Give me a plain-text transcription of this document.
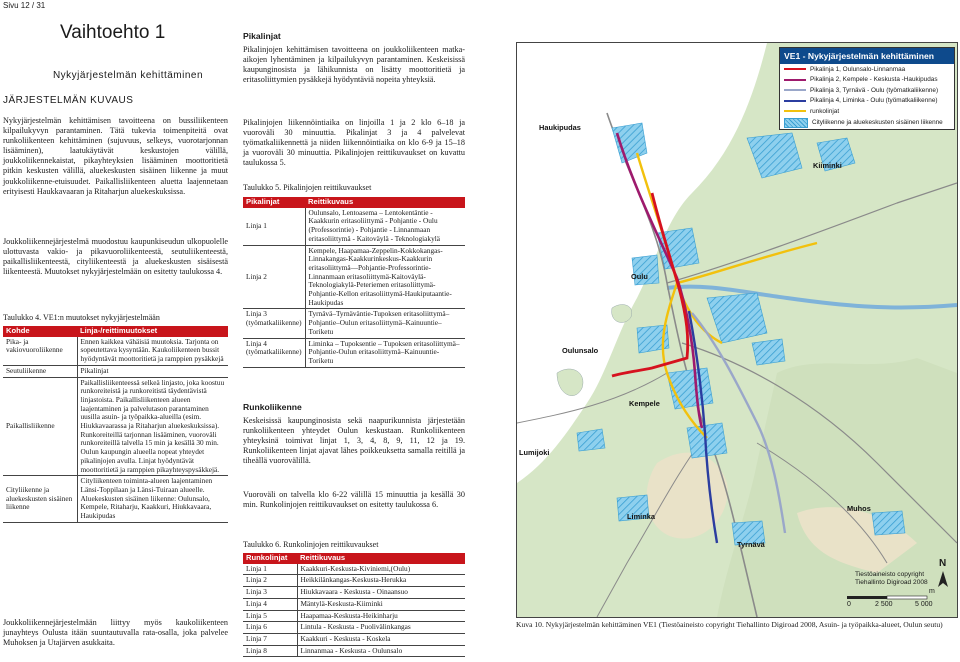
Sivu 12 / 31
Vaihtoehto 1
Nykyjärjestelmän kehittäminen
JÄRJESTELMÄN KUVAUS
Nykyjärjestelmän kehittämisen tavoitteena on bussiliikenteen kilpailukyvyn parantaminen. Tätä tukevia toimenpiteitä ovat runkoliikenteen kehittäminen (sujuvuus, selkeys, vuorotarjonnan lisääminen), laatukäytävät keskustojen välillä, joukkoliikennekaistat, pikayhteyksien lisääminen moottoritietä pitkin keskusten välillä, aluekeskusten sisäinen liikenne ja muut joukkoliikenne-etuisuudet. Paikallisliikenteen aluetta laajennetaan erityisesti Haukkavaaran ja Ritaharjun aluekeskuksissa.
Joukkoliikennejärjestelmä muodostuu kaupunkiseudun ulkopuolelle ulottuvasta vakio- ja pikavuoroliikenteestä, seutuliikenteestä, paikallisliikenteestä, cityliikenteestä ja aluekeskusten sisäisestä liikenteestä. Muutokset nykyjärjestelmään on esitetty taulukossa 4.
Taulukko 4. VE1:n muutokset nykyjärjestelmään
Kohde	Linja-/reittimuutokset
Pika- ja vakiovuoroliikenne	Ennen kaikkea vähäisiä muutoksia. Tarjonta on sopeutettava kysyntään. Kaukoliikenteen bussit hyödyntävät moottoritietä ja ramppien pysäkkejä
Seutuliikenne	Pikalinjat
Paikallisliikenne	Paikallisliikenteessä selkeä linjasto, joka koostuu runkoreiteistä ja runkoreitistä täydentävistä linjastoista. Paikallisliikenteen alueen laajentaminen ja palvelutason parantaminen uusilla asuin- ja työpaikka-alueilla (esim. Hiukkavaarassa ja Ritaharjun aluekeskuksissa). Runkoreiteillä tarjonnan lisääminen, vuoroväli runkoreiteillä talvella 15 min ja kesällä 30 min. Oulun kaupungin alueella nopeat yhteydet pikalinjojen avulla. Linjat hyödyntävät moottoritietä ja ramppien pikayhteyspysäkkejä.
Cityliikenne ja aluekeskusten sisäinen liikenne	Cityliikenteen toiminta-alueen laajentaminen Länsi-Toppilaan ja Länsi-Tuiraan alueelle. Aluekeskusten sisäinen liikenne: Oulunsalo, Kempele, Ritaharju, Kaakkuri, Hiukkavaara, Haukipudas
Joukkoliikennejärjestelmään liittyy myös kaukoliikenteen junayhteys Oulusta itään suuntautuvalla rata-osalla, joka palvelee Muhoksen ja Utajärven asukkaita.
Pikalinjat
Pikalinjojen kehittämisen tavoitteena on joukkoliikenteen matka-aikojen lyhentäminen ja kilpailukyvyn parantaminen. Keskeisissä kaupunginosista ja lähikunnista on lisätty moottoritietä ja eritasoliittymien pysäkkejä hyödyntäviä nopeita yhteyksiä.
Pikalinjojen liikennöintiaika on linjoilla 1 ja 2 klo 6–18 ja vuoroväli 30 minuuttia. Pikalinjat 3 ja 4 palvelevat työmatkaliikennettä ja niiden liikennöintiaika on klo 6-9 ja 15–18 ja vuoroväli 30 minuuttia. Pikalinjojen reittikuvaukset on kuvattu taulukossa 5.
Taulukko 5. Pikalinjojen reittikuvaukset
Pikalinjat	Reittikuvaus
Linja 1	Oulunsalo, Lentoasema – Lentokentäntie - Kaakkurin eritasoliittymä - Pohjantie - Oulu (Professorintie) - Pohjantie - Linnanmaan eritasoliittymä - Kaitoväylä - Teknologiakylä
Linja 2	Kempele, Haapamaa-Zeppelin-Kokkokangas-Linnakangas-Kaakkurinkeskus-Kaakkurin eritasoliittymä—Pohjantie-Professorintie-Linnanmaan eritasoliittymä-Kaitoväylä-Teknologiakylä-Peteriemen eritasoliittymä-Pohjantie-Kellon eritasoliittymä-Haukiputaantie-Haukipudas
Linja 3 (työmatkaliikenne)	Tyrnävä–Tyrnäväntie-Tupoksen eritasoliittymä–Pohjantie–Oulun eritasoliittymä–Kainuuntie–Toriketu
Linja 4 (työmatkaliikenne)	Liminka – Tupoksentie – Tupoksen eritasoliittymä–Pohjantie-Oulun eritasoliittymä–Kainuuntie-Toriketu
Runkoliikenne
Keskeisissä kaupunginosista sekä naapurikunnista järjestetään runkoliikenteen yhteydet Oulun keskustaan. Runkoliikenteen yhteyksinä toimivat linjat 1, 3, 4, 8, 9, 11, 12 ja 19. Runkoliikenteen linjat ajavat lähes poikkeuksetta samalla reitillä ja tiheällä vuorovälillä.
Vuoroväli on talvella klo 6-22 välillä 15 minuuttia ja kesällä 30 min. Runkolinjojen reittikuvaukset on esitetty taulukossa 6.
Taulukko 6. Runkolinjojen reittikuvaukset
Runkolinjat	Reittikuvaus
Linja 1	Kaakkuri-Keskusta-Kiviniemi,(Oulu)
Linja 2	Heikkilänkangas-Keskusta-Herukka
Linja 3	Hiukkavaara - Keskusta - Oinaansuo
Linja 4	Mäntylä-Keskusta-Kiiminki
Linja 5	Haapamaa-Keskusta-Heikinharju
Linja 6	Lintula - Keskusta - Puolivälinkangas
Linja 7	Kaakkuri - Keskusta - Koskela
Linja 8	Linnanmaa - Keskusta - Oulunsalo
VE1 - Nykyjärjestelmän kehittäminen
Pikalinja 1, Oulunsalo-Linnanmaa
Pikalinja 2, Kempele - Keskusta -Haukipudas
Pikalinja 3, Tyrnävä - Oulu (työmatkaliikenne)
Pikalinja 4, Liminka - Oulu (työmatkaliikenne)
runkolinjat
Cityliikenne ja aluekeskusten sisäinen liikenne
Haukipudas
Kiiminki
Oulu
Oulunsalo
Kempele
Lumijoki
Liminka
Tyrnävä
Muhos
Tiestöaineisto copyright
Tiehallinto Digiroad 2008
0	2 500	5 000
m
N
Kuva 10. Nykyjärjestelmän kehittäminen VE1 (Tiestöaineisto copyright Tiehallinto Digiroad 2008, Asuin- ja työpaikka-alueet, Oulun seutu)
